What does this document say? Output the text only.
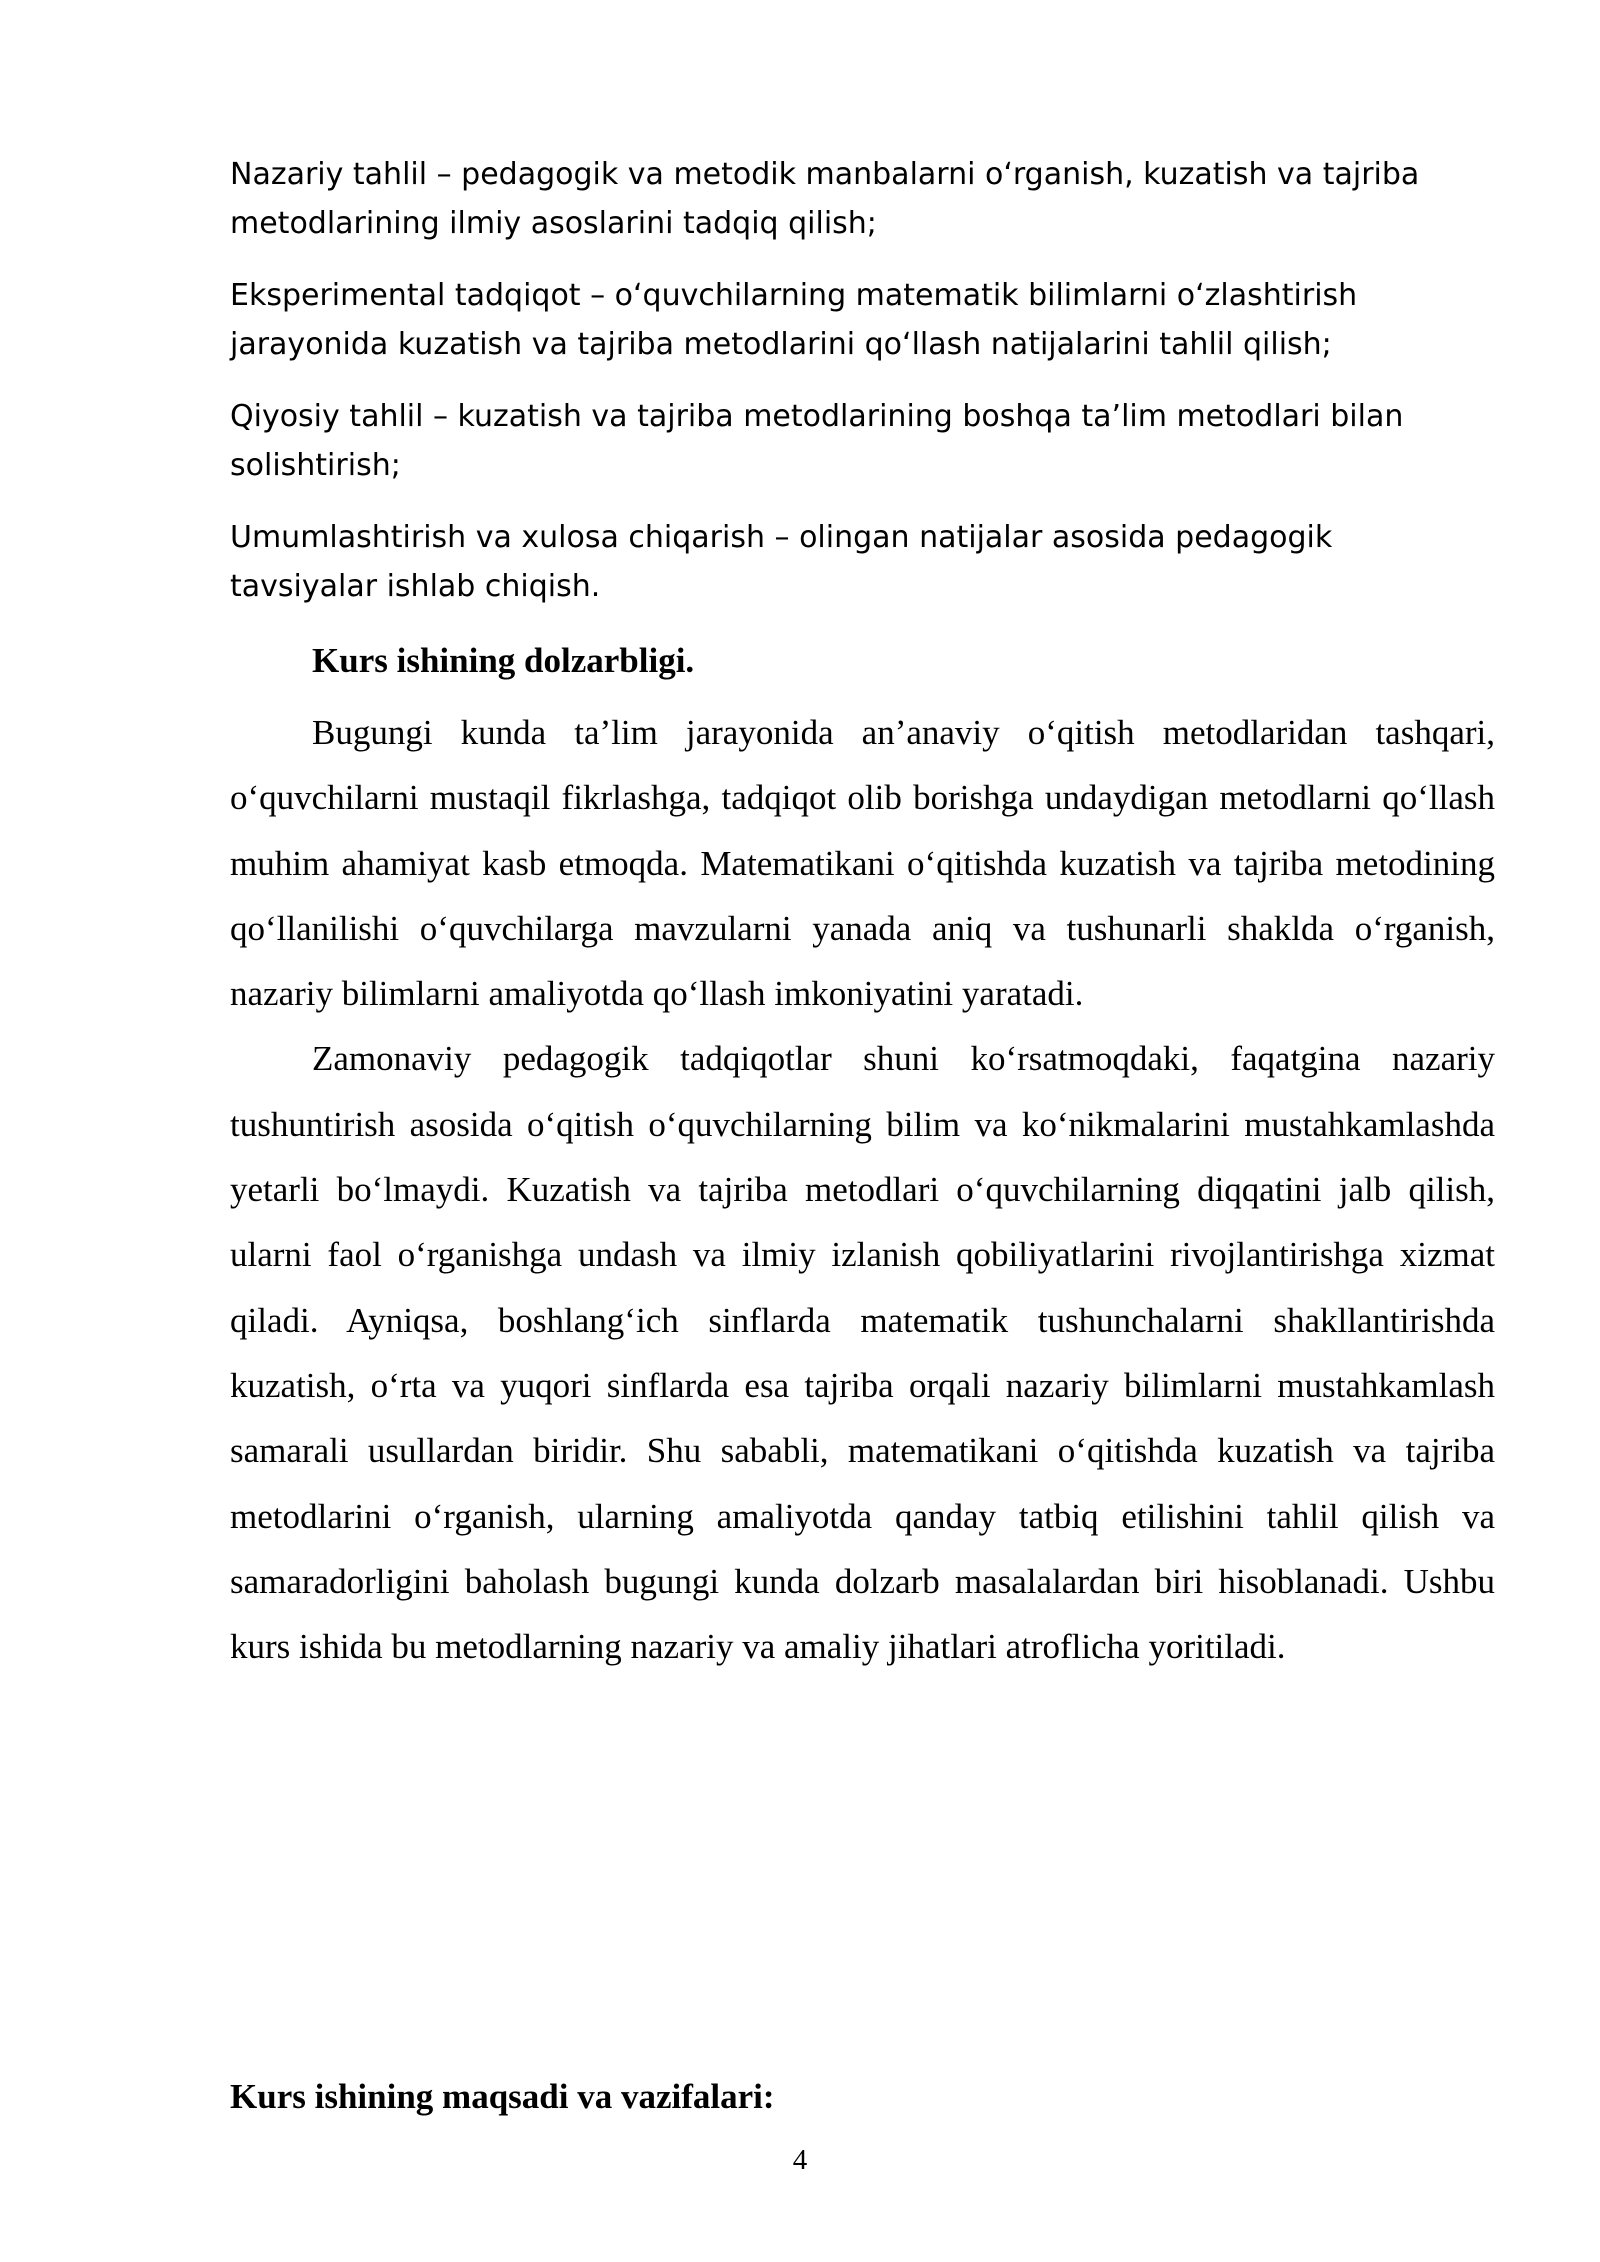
Nazariy tahlil – pedagogik va metodik manbalarni oʻrganish, kuzatish va tajriba metodlarining ilmiy asoslarini tadqiq qilish;

Eksperimental tadqiqot – oʻquvchilarning matematik bilimlarni oʻzlashtirish jarayonida kuzatish va tajriba metodlarini qoʻllash natijalarini tahlil qilish;

Qiyosiy tahlil – kuzatish va tajriba metodlarining boshqa taʼlim metodlari bilan solishtirish;

Umumlashtirish va xulosa chiqarish – olingan natijalar asosida pedagogik tavsiyalar ishlab chiqish.

Kurs ishining dolzarbligi.

Bugungi kunda taʼlim jarayonida anʼanaviy oʻqitish metodlaridan tashqari, oʻquvchilarni mustaqil fikrlashga, tadqiqot olib borishga undaydigan metodlarni qoʻllash muhim ahamiyat kasb etmoqda. Matematikani oʻqitishda kuzatish va tajriba metodining qoʻllanilishi oʻquvchilarga mavzularni yanada aniq va tushunarli shaklda oʻrganish, nazariy bilimlarni amaliyotda qoʻllash imkoniyatini yaratadi.

Zamonaviy pedagogik tadqiqotlar shuni koʻrsatmoqdaki, faqatgina nazariy tushuntirish asosida oʻqitish oʻquvchilarning bilim va koʻnikmalarini mustahkamlashda yetarli boʻlmaydi. Kuzatish va tajriba metodlari oʻquvchilarning diqqatini jalb qilish, ularni faol oʻrganishga undash va ilmiy izlanish qobiliyatlarini rivojlantirishga xizmat qiladi. Ayniqsa, boshlangʻich sinflarda matematik tushunchalarni shakllantirishda kuzatish, oʻrta va yuqori sinflarda esa tajriba orqali nazariy bilimlarni mustahkamlash samarali usullardan biridir. Shu sababli, matematikani oʻqitishda kuzatish va tajriba metodlarini oʻrganish, ularning amaliyotda qanday tatbiq etilishini tahlil qilish va samaradorligini baholash bugungi kunda dolzarb masalalardan biri hisoblanadi. Ushbu kurs ishida bu metodlarning nazariy va amaliy jihatlari atroflicha yoritiladi.

Kurs ishining maqsadi va vazifalari:
4
